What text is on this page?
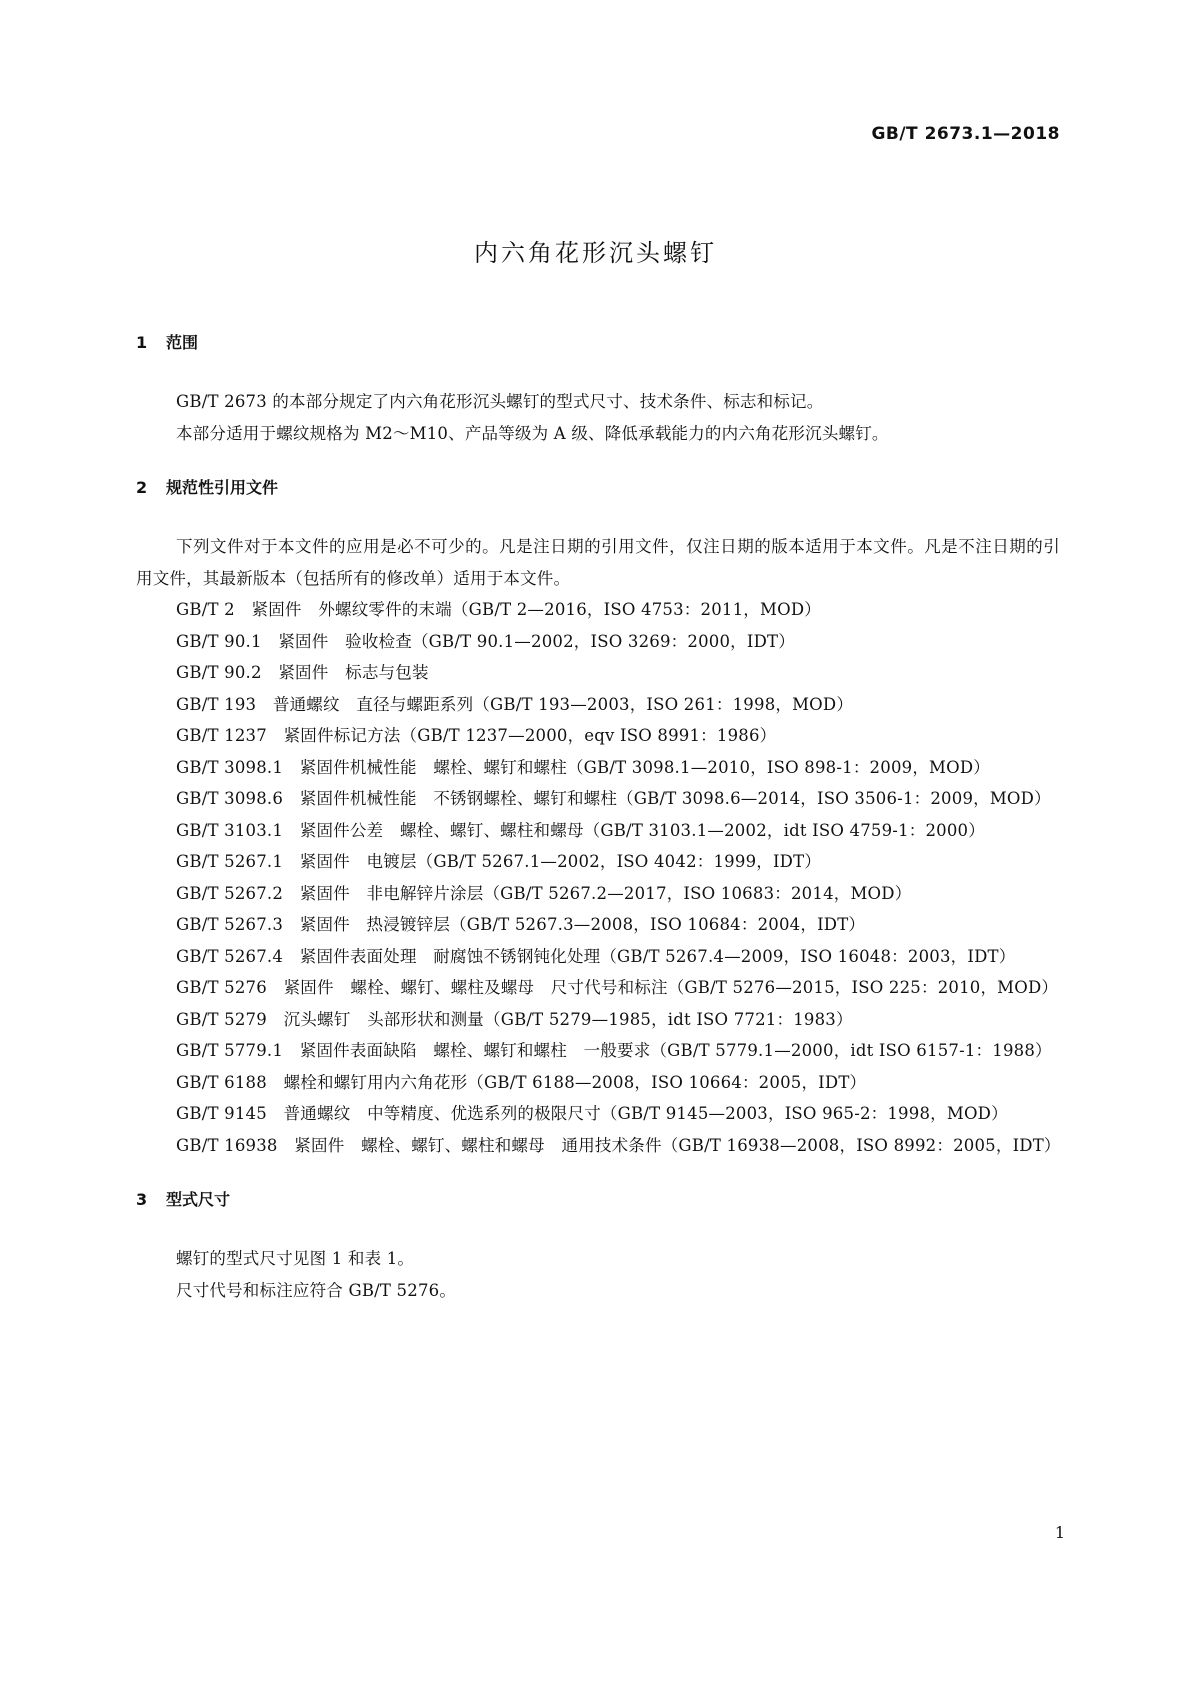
GB/T 2673.1—2018
内六角花形沉头螺钉
1 范围

GB/T 2673 的本部分规定了内六角花形沉头螺钉的型式尺寸、技术条件、标志和标记。

本部分适用于螺纹规格为 M2～M10、产品等级为 A 级、降低承载能力的内六角花形沉头螺钉。

2 规范性引用文件

下列文件对于本文件的应用是必不可少的。凡是注日期的引用文件，仅注日期的版本适用于本文件。凡是不注日期的引用文件，其最新版本（包括所有的修改单）适用于本文件。

GB/T 2　紧固件　外螺纹零件的末端（GB/T 2—2016，ISO 4753：2011，MOD）

GB/T 90.1　紧固件　验收检查（GB/T 90.1—2002，ISO 3269：2000，IDT）

GB/T 90.2　紧固件　标志与包装

GB/T 193　普通螺纹　直径与螺距系列（GB/T 193—2003，ISO 261：1998，MOD）

GB/T 1237　紧固件标记方法（GB/T 1237—2000，eqv ISO 8991：1986）

GB/T 3098.1　紧固件机械性能　螺栓、螺钉和螺柱（GB/T 3098.1—2010，ISO 898-1：2009，MOD）

GB/T 3098.6　紧固件机械性能　不锈钢螺栓、螺钉和螺柱（GB/T 3098.6—2014，ISO 3506-1：2009，MOD）

GB/T 3103.1　紧固件公差　螺栓、螺钉、螺柱和螺母（GB/T 3103.1—2002，idt ISO 4759-1：2000）

GB/T 5267.1　紧固件　电镀层（GB/T 5267.1—2002，ISO 4042：1999，IDT）

GB/T 5267.2　紧固件　非电解锌片涂层（GB/T 5267.2—2017，ISO 10683：2014，MOD）

GB/T 5267.3　紧固件　热浸镀锌层（GB/T 5267.3—2008，ISO 10684：2004，IDT）

GB/T 5267.4　紧固件表面处理　耐腐蚀不锈钢钝化处理（GB/T 5267.4—2009，ISO 16048：2003，IDT）

GB/T 5276　紧固件　螺栓、螺钉、螺柱及螺母　尺寸代号和标注（GB/T 5276—2015，ISO 225：2010，MOD）

GB/T 5279　沉头螺钉　头部形状和测量（GB/T 5279—1985，idt ISO 7721：1983）

GB/T 5779.1　紧固件表面缺陷　螺栓、螺钉和螺柱　一般要求（GB/T 5779.1—2000，idt ISO 6157-1：1988）

GB/T 6188　螺栓和螺钉用内六角花形（GB/T 6188—2008，ISO 10664：2005，IDT）

GB/T 9145　普通螺纹　中等精度、优选系列的极限尺寸（GB/T 9145—2003，ISO 965-2：1998，MOD）

GB/T 16938　紧固件　螺栓、螺钉、螺柱和螺母　通用技术条件（GB/T 16938—2008，ISO 8992：2005，IDT）

3 型式尺寸

螺钉的型式尺寸见图 1 和表 1。

尺寸代号和标注应符合 GB/T 5276。

1
